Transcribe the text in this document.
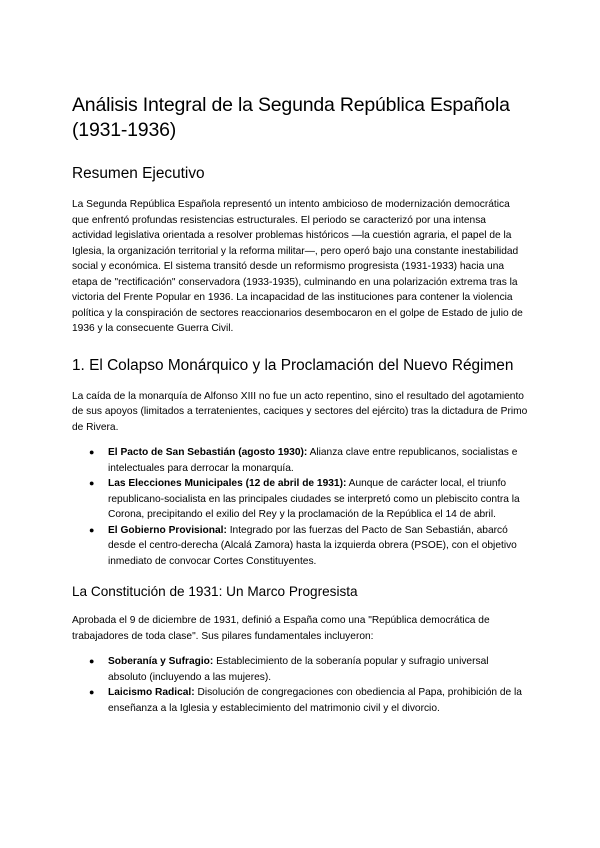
Análisis Integral de la Segunda República Española (1931-1936)
Resumen Ejecutivo

La Segunda República Española representó un intento ambicioso de modernización democrática que enfrentó profundas resistencias estructurales. El periodo se caracterizó por una intensa actividad legislativa orientada a resolver problemas históricos —la cuestión agraria, el papel de la Iglesia, la organización territorial y la reforma militar—, pero operó bajo una constante inestabilidad social y económica. El sistema transitó desde un reformismo progresista (1931-1933) hacia una etapa de "rectificación" conservadora (1933-1935), culminando en una polarización extrema tras la victoria del Frente Popular en 1936. La incapacidad de las instituciones para contener la violencia política y la conspiración de sectores reaccionarios desembocaron en el golpe de Estado de julio de 1936 y la consecuente Guerra Civil.

1. El Colapso Monárquico y la Proclamación del Nuevo Régimen

La caída de la monarquía de Alfonso XIII no fue un acto repentino, sino el resultado del agotamiento de sus apoyos (limitados a terratenientes, caciques y sectores del ejército) tras la dictadura de Primo de Rivera.

● El Pacto de San Sebastián (agosto 1930): Alianza clave entre republicanos, socialistas e intelectuales para derrocar la monarquía.
● Las Elecciones Municipales (12 de abril de 1931): Aunque de carácter local, el triunfo republicano-socialista en las principales ciudades se interpretó como un plebiscito contra la Corona, precipitando el exilio del Rey y la proclamación de la República el 14 de abril.
● El Gobierno Provisional: Integrado por las fuerzas del Pacto de San Sebastián, abarcó desde el centro-derecha (Alcalá Zamora) hasta la izquierda obrera (PSOE), con el objetivo inmediato de convocar Cortes Constituyentes.
La Constitución de 1931: Un Marco Progresista

Aprobada el 9 de diciembre de 1931, definió a España como una "República democrática de trabajadores de toda clase". Sus pilares fundamentales incluyeron:

● Soberanía y Sufragio: Establecimiento de la soberanía popular y sufragio universal absoluto (incluyendo a las mujeres).
● Laicismo Radical: Disolución de congregaciones con obediencia al Papa, prohibición de la enseñanza a la Iglesia y establecimiento del matrimonio civil y el divorcio.
